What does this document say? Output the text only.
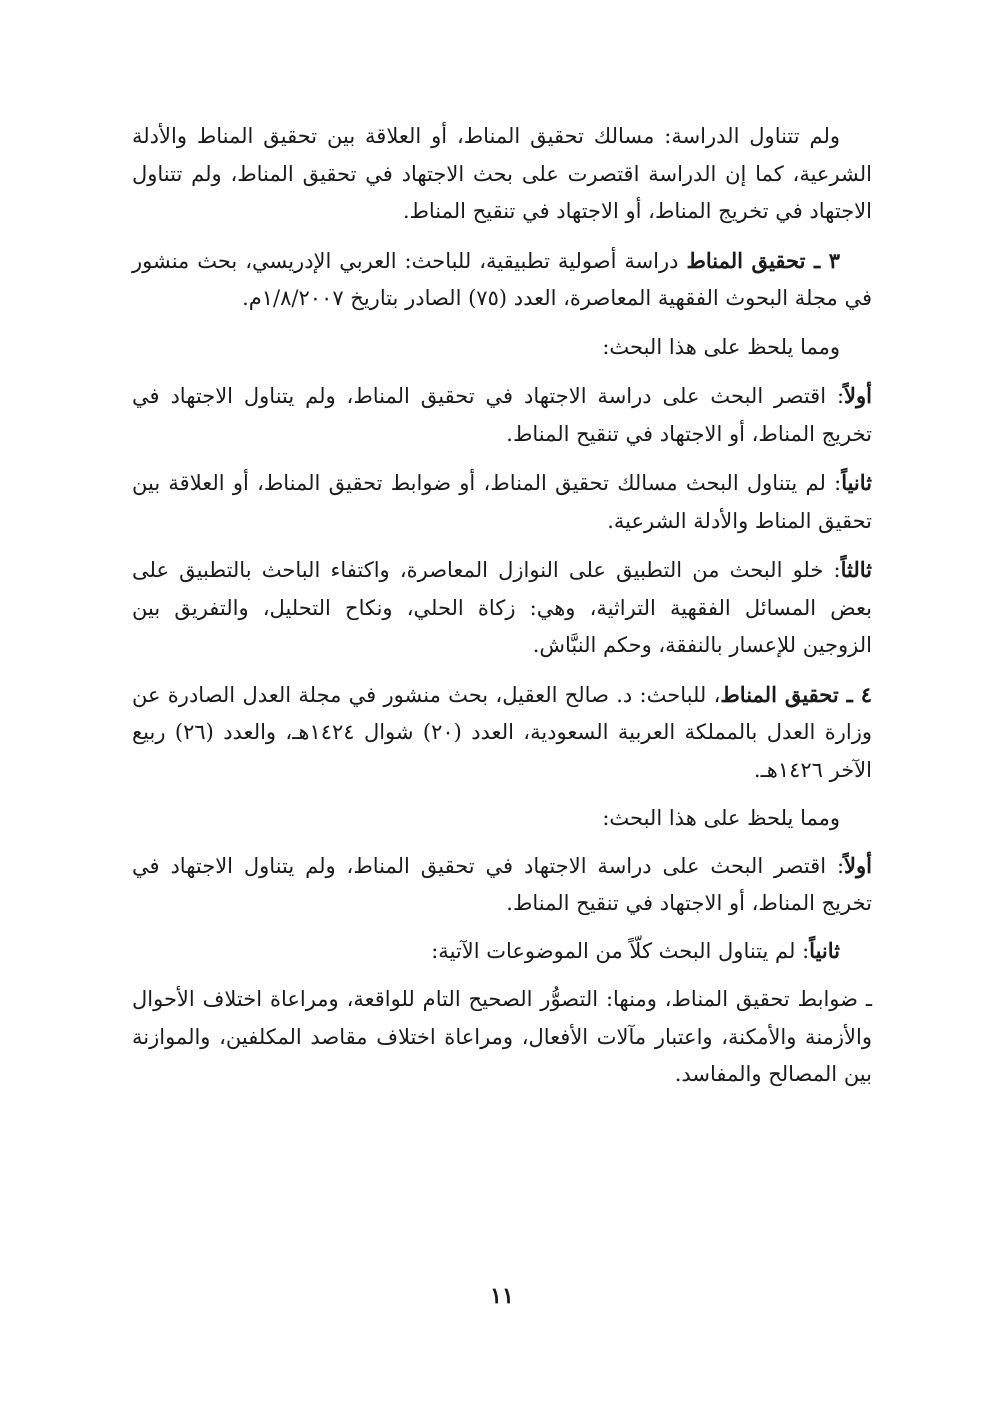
ولم تتناول الدراسة: مسالك تحقيق المناط، أو العلاقة بين تحقيق المناط والأدلة الشرعية، كما إن الدراسة اقتصرت على بحث الاجتهاد في تحقيق المناط، ولم تتناول الاجتهاد في تخريج المناط، أو الاجتهاد في تنقيح المناط.

٣ ـ تحقيق المناط دراسة أصولية تطبيقية، للباحث: العربي الإدريسي، بحث منشور في مجلة البحوث الفقهية المعاصرة، العدد (٧٥) الصادر بتاريخ ١/٨/٢٠٠٧م.

ومما يلحظ على هذا البحث:

أولاً: اقتصر البحث على دراسة الاجتهاد في تحقيق المناط، ولم يتناول الاجتهاد في تخريج المناط، أو الاجتهاد في تنقيح المناط.

ثانياً: لم يتناول البحث مسالك تحقيق المناط، أو ضوابط تحقيق المناط، أو العلاقة بين تحقيق المناط والأدلة الشرعية.

ثالثاً: خلو البحث من التطبيق على النوازل المعاصرة، واكتفاء الباحث بالتطبيق على بعض المسائل الفقهية التراثية، وهي: زكاة الحلي، ونكاح التحليل، والتفريق بين الزوجين للإعسار بالنفقة، وحكم النبَّاش.

٤ ـ تحقيق المناط، للباحث: د. صالح العقيل، بحث منشور في مجلة العدل الصادرة عن وزارة العدل بالمملكة العربية السعودية، العدد (٢٠) شوال ١٤٢٤هـ، والعدد (٢٦) ربيع الآخر ١٤٢٦هـ.

ومما يلحظ على هذا البحث:

أولاً: اقتصر البحث على دراسة الاجتهاد في تحقيق المناط، ولم يتناول الاجتهاد في تخريج المناط، أو الاجتهاد في تنقيح المناط.

ثانياً: لم يتناول البحث كلّاً من الموضوعات الآتية:

ـ ضوابط تحقيق المناط، ومنها: التصوُّر الصحيح التام للواقعة، ومراعاة اختلاف الأحوال والأزمنة والأمكنة، واعتبار مآلات الأفعال، ومراعاة اختلاف مقاصد المكلفين، والموازنة بين المصالح والمفاسد.

١١
